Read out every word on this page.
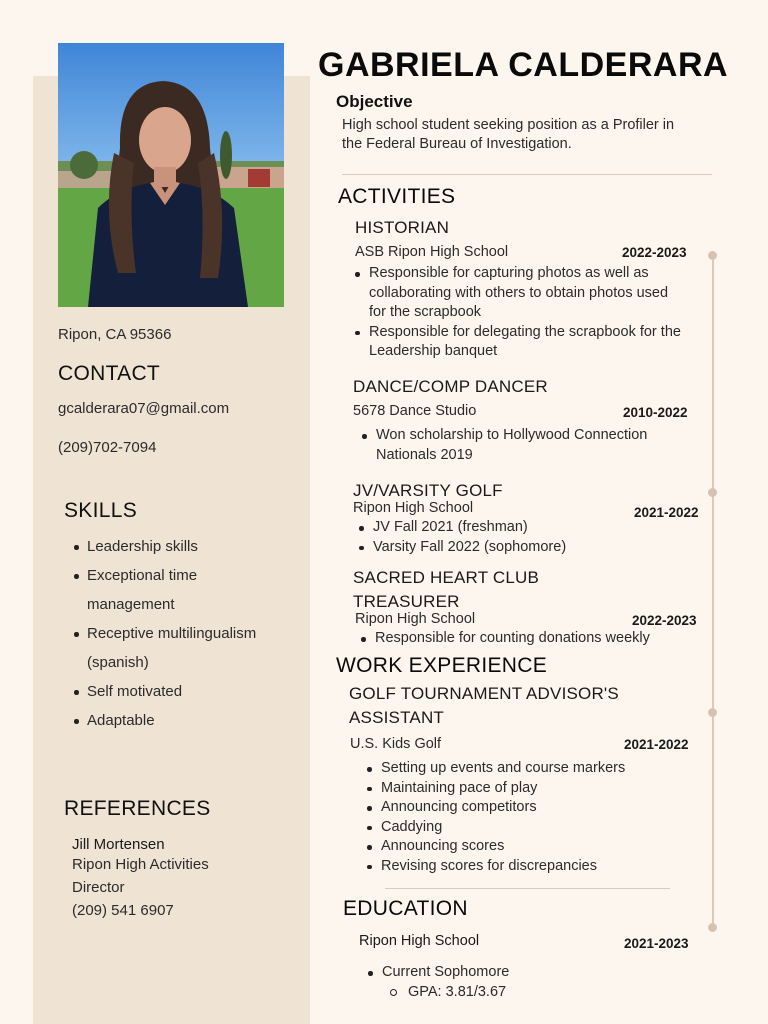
Ripon, CA 95366

CONTACT

gcalderara07@gmail.com

(209)702-7094

SKILLS
Leadership skills
Exceptional time
management
Receptive multilingualism
(spanish)
Self motivated
Adaptable
REFERENCES

Jill Mortensen

Ripon High Activities

Director

(209) 541 6907

GABRIELA CALDERARA
Objective

High school student seeking position as a Profiler in

the Federal Bureau of Investigation.

ACTIVITIES
HISTORIAN
ASB Ripon High School	2022-2023
Responsible for capturing photos as well as collaborating with others to obtain photos used for the scrapbook
Responsible for delegating the scrapbook for the Leadership banquet
DANCE/COMP DANCER
5678 Dance Studio	2010-2022
Won scholarship to Hollywood Connection Nationals 2019
JV/VARSITY GOLF
Ripon High School	2021-2022
JV Fall 2021 (freshman)
Varsity Fall 2022 (sophomore)
SACRED HEART CLUB
TREASURER
Ripon High School	2022-2023
Responsible for counting donations weekly
WORK EXPERIENCE
GOLF TOURNAMENT ADVISOR'S
ASSISTANT
U.S. Kids Golf	2021-2022
Setting up events and course markers
Maintaining pace of play
Announcing competitors
Caddying
Announcing scores
Revising scores for discrepancies
EDUCATION
Ripon High School	2021-2023
Current Sophomore
GPA: 3.81/3.67
